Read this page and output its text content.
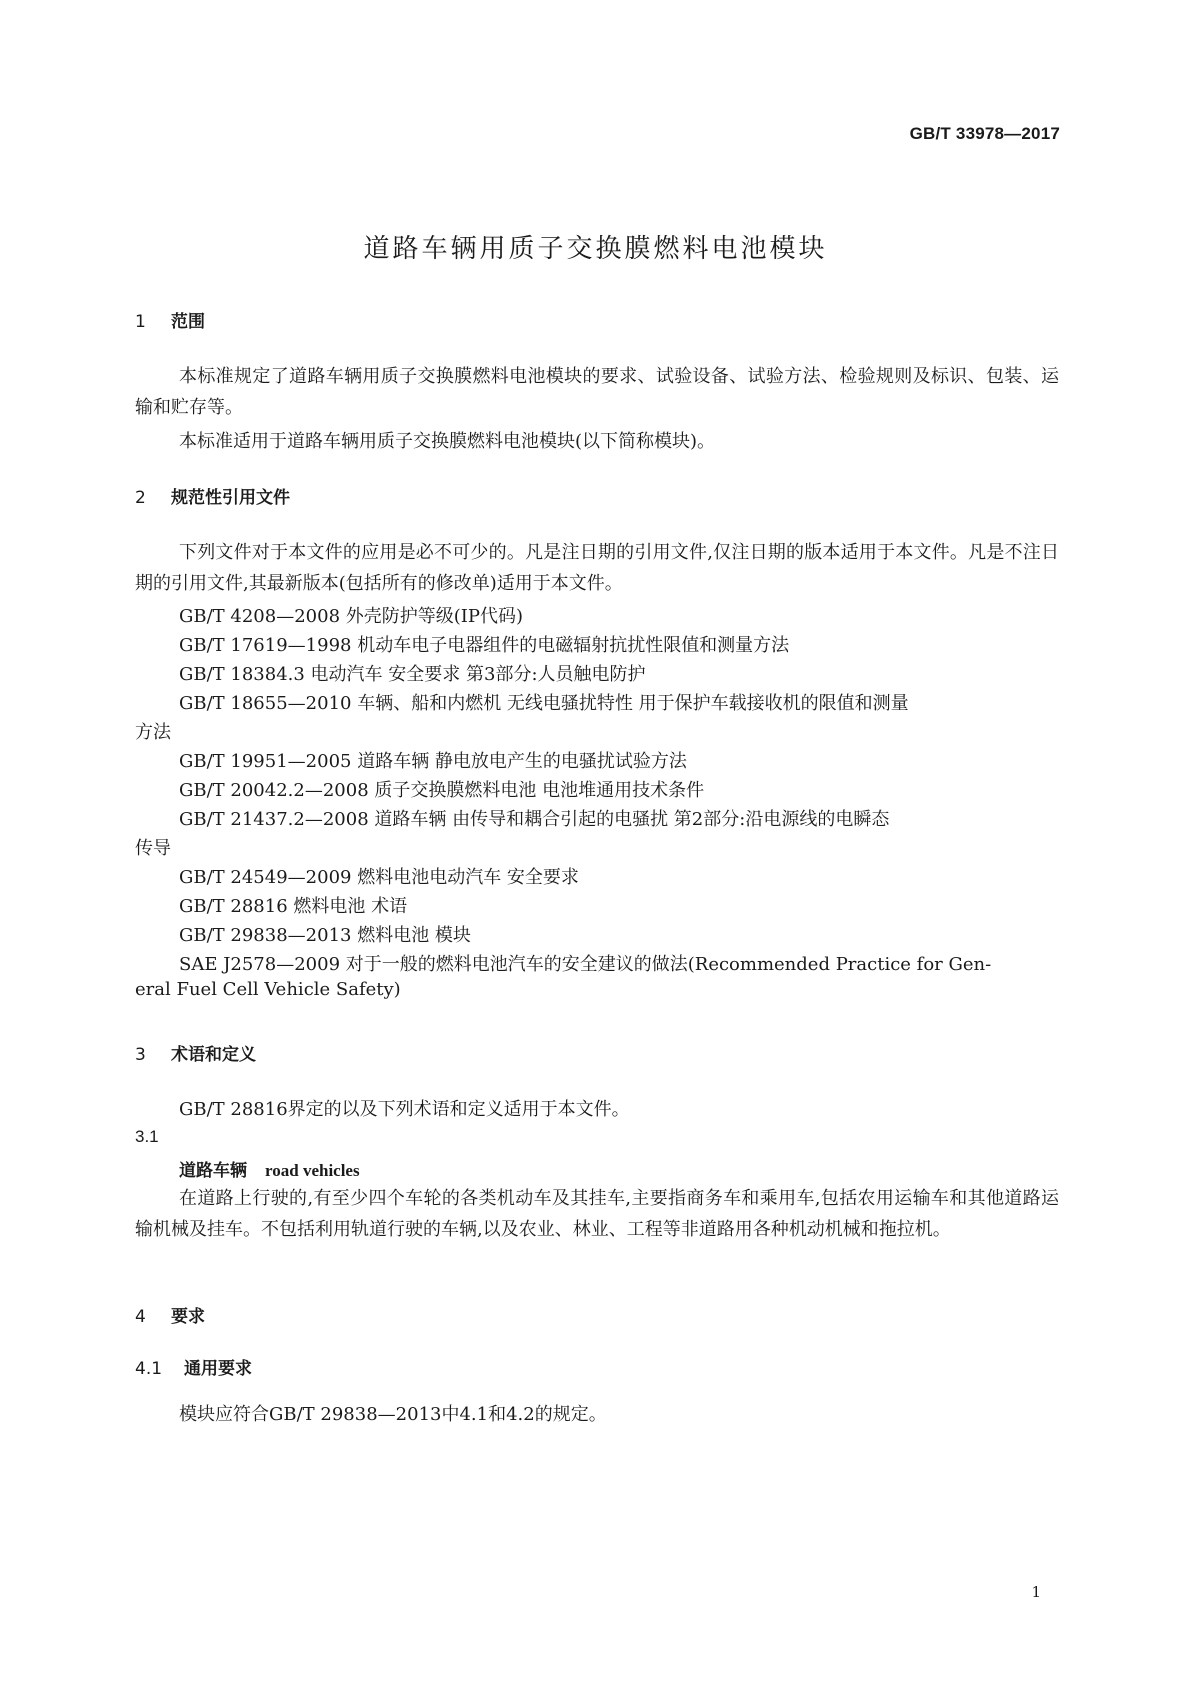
GB/T 33978—2017
道路车辆用质子交换膜燃料电池模块
1 范围
本标准规定了道路车辆用质子交换膜燃料电池模块的要求、试验设备、试验方法、检验规则及标识、包装、运输和贮存等。
本标准适用于道路车辆用质子交换膜燃料电池模块(以下简称模块)。
2 规范性引用文件
下列文件对于本文件的应用是必不可少的。凡是注日期的引用文件,仅注日期的版本适用于本文件。凡是不注日期的引用文件,其最新版本(包括所有的修改单)适用于本文件。
GB/T 4208—2008 外壳防护等级(IP代码)
GB/T 17619—1998 机动车电子电器组件的电磁辐射抗扰性限值和测量方法
GB/T 18384.3 电动汽车 安全要求 第3部分:人员触电防护
GB/T 18655—2010 车辆、船和内燃机 无线电骚扰特性 用于保护车载接收机的限值和测量
方法
GB/T 19951—2005 道路车辆 静电放电产生的电骚扰试验方法
GB/T 20042.2—2008 质子交换膜燃料电池 电池堆通用技术条件
GB/T 21437.2—2008 道路车辆 由传导和耦合引起的电骚扰 第2部分:沿电源线的电瞬态
传导
GB/T 24549—2009 燃料电池电动汽车 安全要求
GB/T 28816 燃料电池 术语
GB/T 29838—2013 燃料电池 模块
SAE J2578—2009 对于一般的燃料电池汽车的安全建议的做法(Recommended Practice for Gen-
eral Fuel Cell Vehicle Safety)
3 术语和定义
GB/T 28816界定的以及下列术语和定义适用于本文件。
3.1
道路车辆 road vehicles
在道路上行驶的,有至少四个车轮的各类机动车及其挂车,主要指商务车和乘用车,包括农用运输车和其他道路运输机械及挂车。不包括利用轨道行驶的车辆,以及农业、林业、工程等非道路用各种机动机械和拖拉机。
4 要求
4.1 通用要求
模块应符合GB/T 29838—2013中4.1和4.2的规定。
1
